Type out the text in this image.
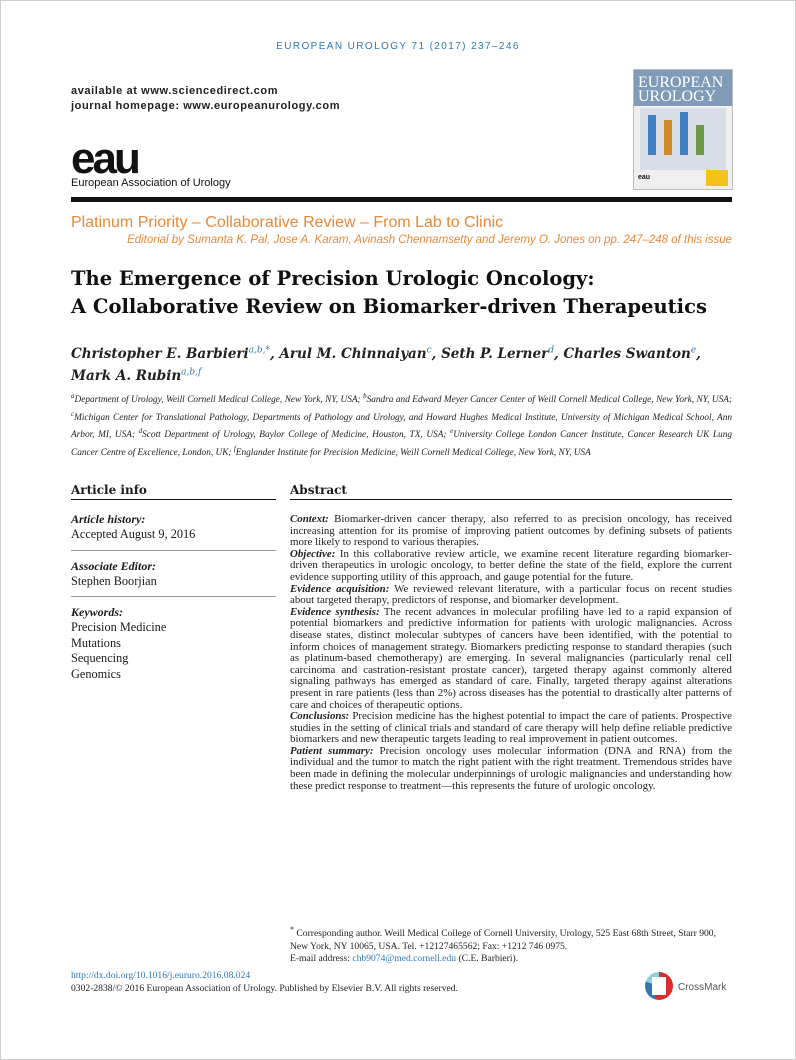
EUROPEAN UROLOGY 71 (2017) 237–246
available at www.sciencedirect.com
journal homepage: www.europeanurology.com
eau
European Association of Urology
EUROPEAN
UROLOGY
eau
Platinum Priority – Collaborative Review – From Lab to Clinic
Editorial by Sumanta K. Pal, Jose A. Karam, Avinash Chennamsetty and Jeremy O. Jones on pp. 247–248 of this issue
The Emergence of Precision Urologic Oncology:
A Collaborative Review on Biomarker-driven Therapeutics
Christopher E. Barbieri$^{a,b,*}$, Arul M. Chinnaiyan$^c$, Seth P. Lerner$^d$, Charles Swanton$^e$,
Mark A. Rubin$^{a,b,f}$
$^a$Department of Urology, Weill Cornell Medical College, New York, NY, USA; $^b$Sandra and Edward Meyer Cancer Center of Weill Cornell Medical College, New York, NY, USA; $^c$Michigan Center for Translational Pathology, Departments of Pathology and Urology, and Howard Hughes Medical Institute, University of Michigan Medical School, Ann Arbor, MI, USA; $^d$Scott Department of Urology, Baylor College of Medicine, Houston, TX, USA; $^e$University College London Cancer Institute, Cancer Research UK Lung Cancer Centre of Excellence, London, UK; $^f$Englander Institute for Precision Medicine, Weill Cornell Medical College, New York, NY, USA
Article info
Article history:
Accepted August 9, 2016
Associate Editor:
Stephen Boorjian
Keywords:
Precision Medicine
Mutations
Sequencing
Genomics
Abstract

Context: Biomarker-driven cancer therapy, also referred to as precision oncology, has received increasing attention for its promise of improving patient outcomes by defining subsets of patients more likely to respond to various therapies.

Objective: In this collaborative review article, we examine recent literature regarding biomarker-driven therapeutics in urologic oncology, to better define the state of the field, explore the current evidence supporting utility of this approach, and gauge potential for the future.

Evidence acquisition: We reviewed relevant literature, with a particular focus on recent studies about targeted therapy, predictors of response, and biomarker development.

Evidence synthesis: The recent advances in molecular profiling have led to a rapid expansion of potential biomarkers and predictive information for patients with urologic malignancies. Across disease states, distinct molecular subtypes of cancers have been identified, with the potential to inform choices of management strategy. Biomarkers predicting response to standard therapies (such as platinum-based chemotherapy) are emerging. In several malignancies (particularly renal cell carcinoma and castration-resistant prostate cancer), targeted therapy against commonly altered signaling pathways has emerged as standard of care. Finally, targeted therapy against alterations present in rare patients (less than 2%) across diseases has the potential to drastically alter patterns of care and choices of therapeutic options.

Conclusions: Precision medicine has the highest potential to impact the care of patients. Prospective studies in the setting of clinical trials and standard of care therapy will help define reliable predictive biomarkers and new therapeutic targets leading to real improvement in patient outcomes.

Patient summary: Precision oncology uses molecular information (DNA and RNA) from the individual and the tumor to match the right patient with the right treatment. Tremendous strides have been made in defining the molecular underpinnings of urologic malignancies and understanding how these predict response to treatment—this represents the future of urologic oncology.

* Corresponding author. Weill Medical College of Cornell University, Urology, 525 East 68th Street, Starr 900, New York, NY 10065, USA. Tel. +12127465562; Fax: +1212 746 0975.
E-mail address: chb9074@med.cornell.edu (C.E. Barbieri).
http://dx.doi.org/10.1016/j.eururo.2016.08.024
0302-2838/© 2016 European Association of Urology. Published by Elsevier B.V. All rights reserved.	CrossMark
